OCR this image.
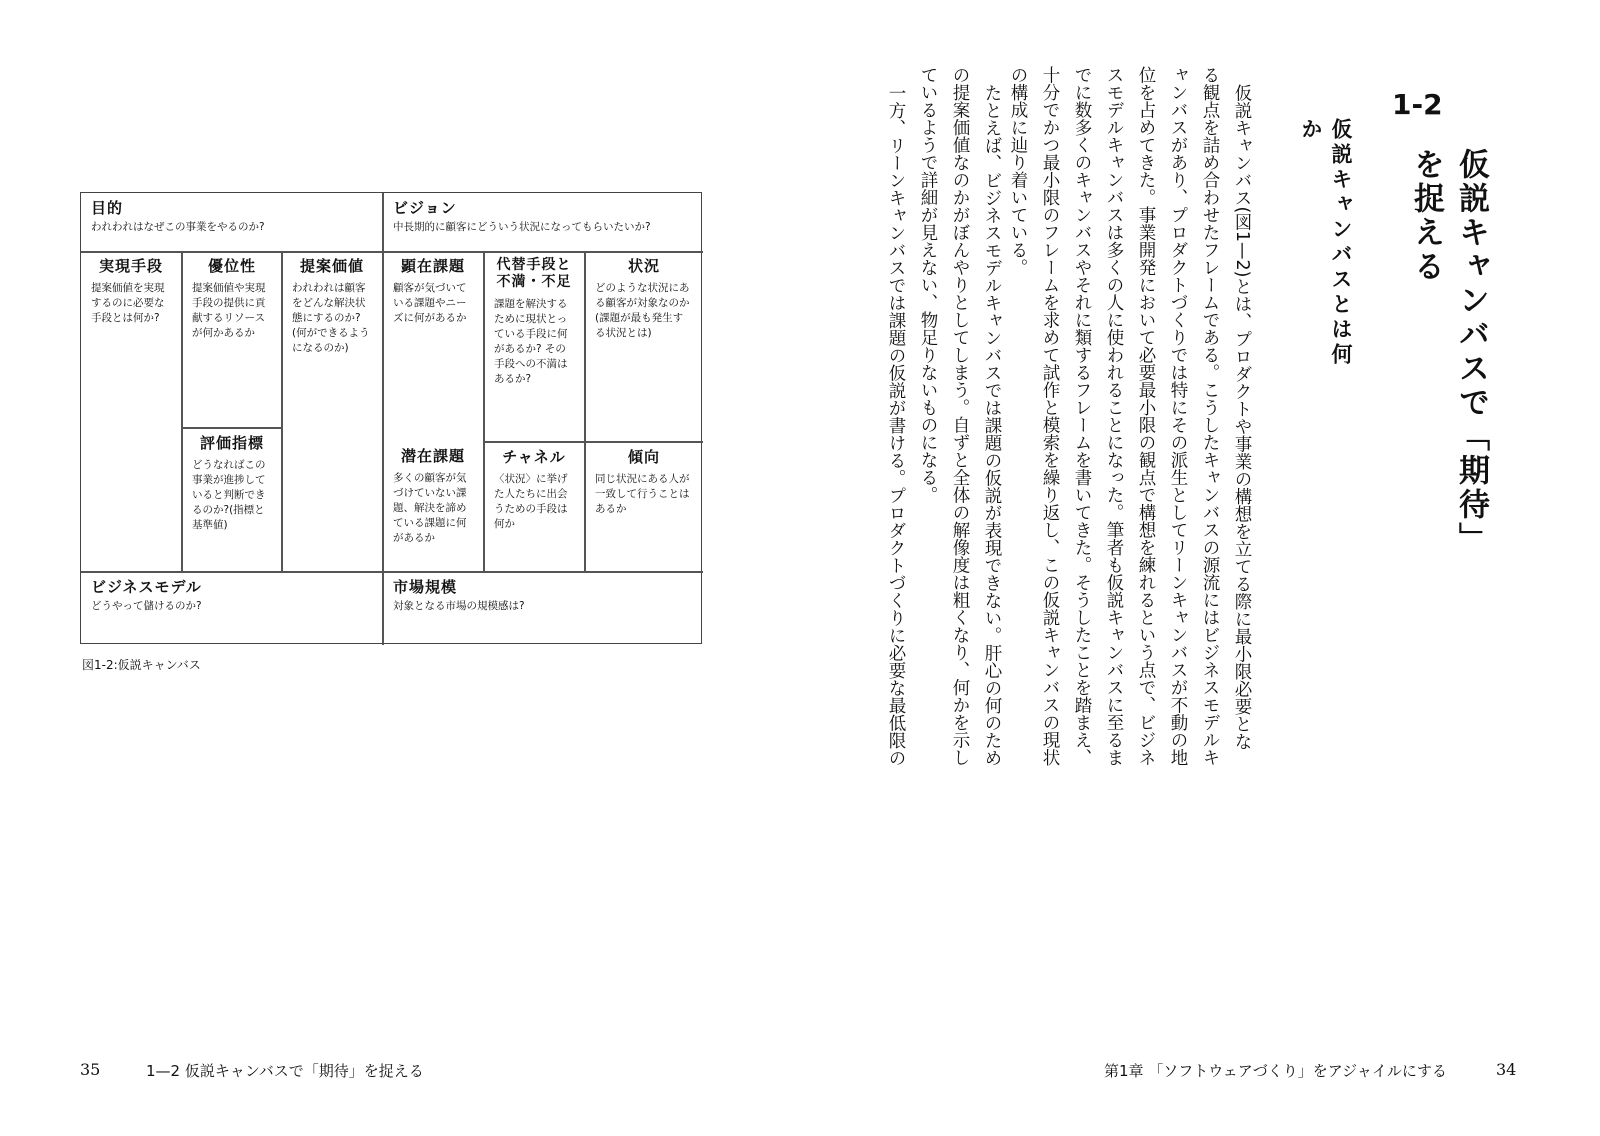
目的
われわれはなぜこの事業をやるのか?
ビジョン
中長期的に顧客にどういう状況になってもらいたいか?
実現手段
提案価値を実現するのに必要な手段とは何か?
優位性
提案価値や実現手段の提供に貢献するリソースが何かあるか
提案価値
われわれは顧客をどんな解決状態にするのか?(何ができるようになるのか)
顕在課題
顧客が気づいている課題やニーズに何があるか
代替手段と不満・不足
課題を解決するために現状とっている手段に何があるか? その手段への不満はあるか?
状況
どのような状況にある顧客が対象なのか(課題が最も発生する状況とは)
評価指標
どうなればこの事業が進捗していると判断できるのか?(指標と基準値)
潜在課題
多くの顧客が気づけていない課題、解決を諦めている課題に何があるか
チャネル
〈状況〉に挙げた人たちに出会うための手段は何か
傾向
同じ状況にある人が一致して行うことはあるか
ビジネスモデル
どうやって儲けるのか?
市場規模
対象となる市場の規模感は?
図1-2:仮説キャンバス
35	1—2 仮説キャンバスで「期待」を捉える
1-2
仮説キャンバスで「期待」を捉える
仮説キャンバスとは何か
仮説キャンバス(図1—2)とは、プロダクトや事業の構想を立てる際に最小限必要となる観点を詰め合わせたフレームである。こうしたキャンバスの源流にはビジネスモデルキャンバスがあり、プロダクトづくりでは特にその派生としてリーンキャンバスが不動の地位を占めてきた。事業開発において必要最小限の観点で構想を練れるという点で、ビジネスモデルキャンバスは多くの人に使われることになった。筆者も仮説キャンバスに至るまでに数多くのキャンバスやそれに類するフレームを書いてきた。そうしたことを踏まえ、十分でかつ最小限のフレームを求めて試作と模索を繰り返し、この仮説キャンバスの現状の構成に辿り着いている。
たとえば、ビジネスモデルキャンバスでは課題の仮説が表現できない。肝心の何のための提案価値なのかがぼんやりとしてしまう。自ずと全体の解像度は粗くなり、何かを示しているようで詳細が見えない、物足りないものになる。
一方、リーンキャンバスでは課題の仮説が書ける。プロダクトづくりに必要な最低限の
第1章 「ソフトウェアづくり」をアジャイルにする	34
